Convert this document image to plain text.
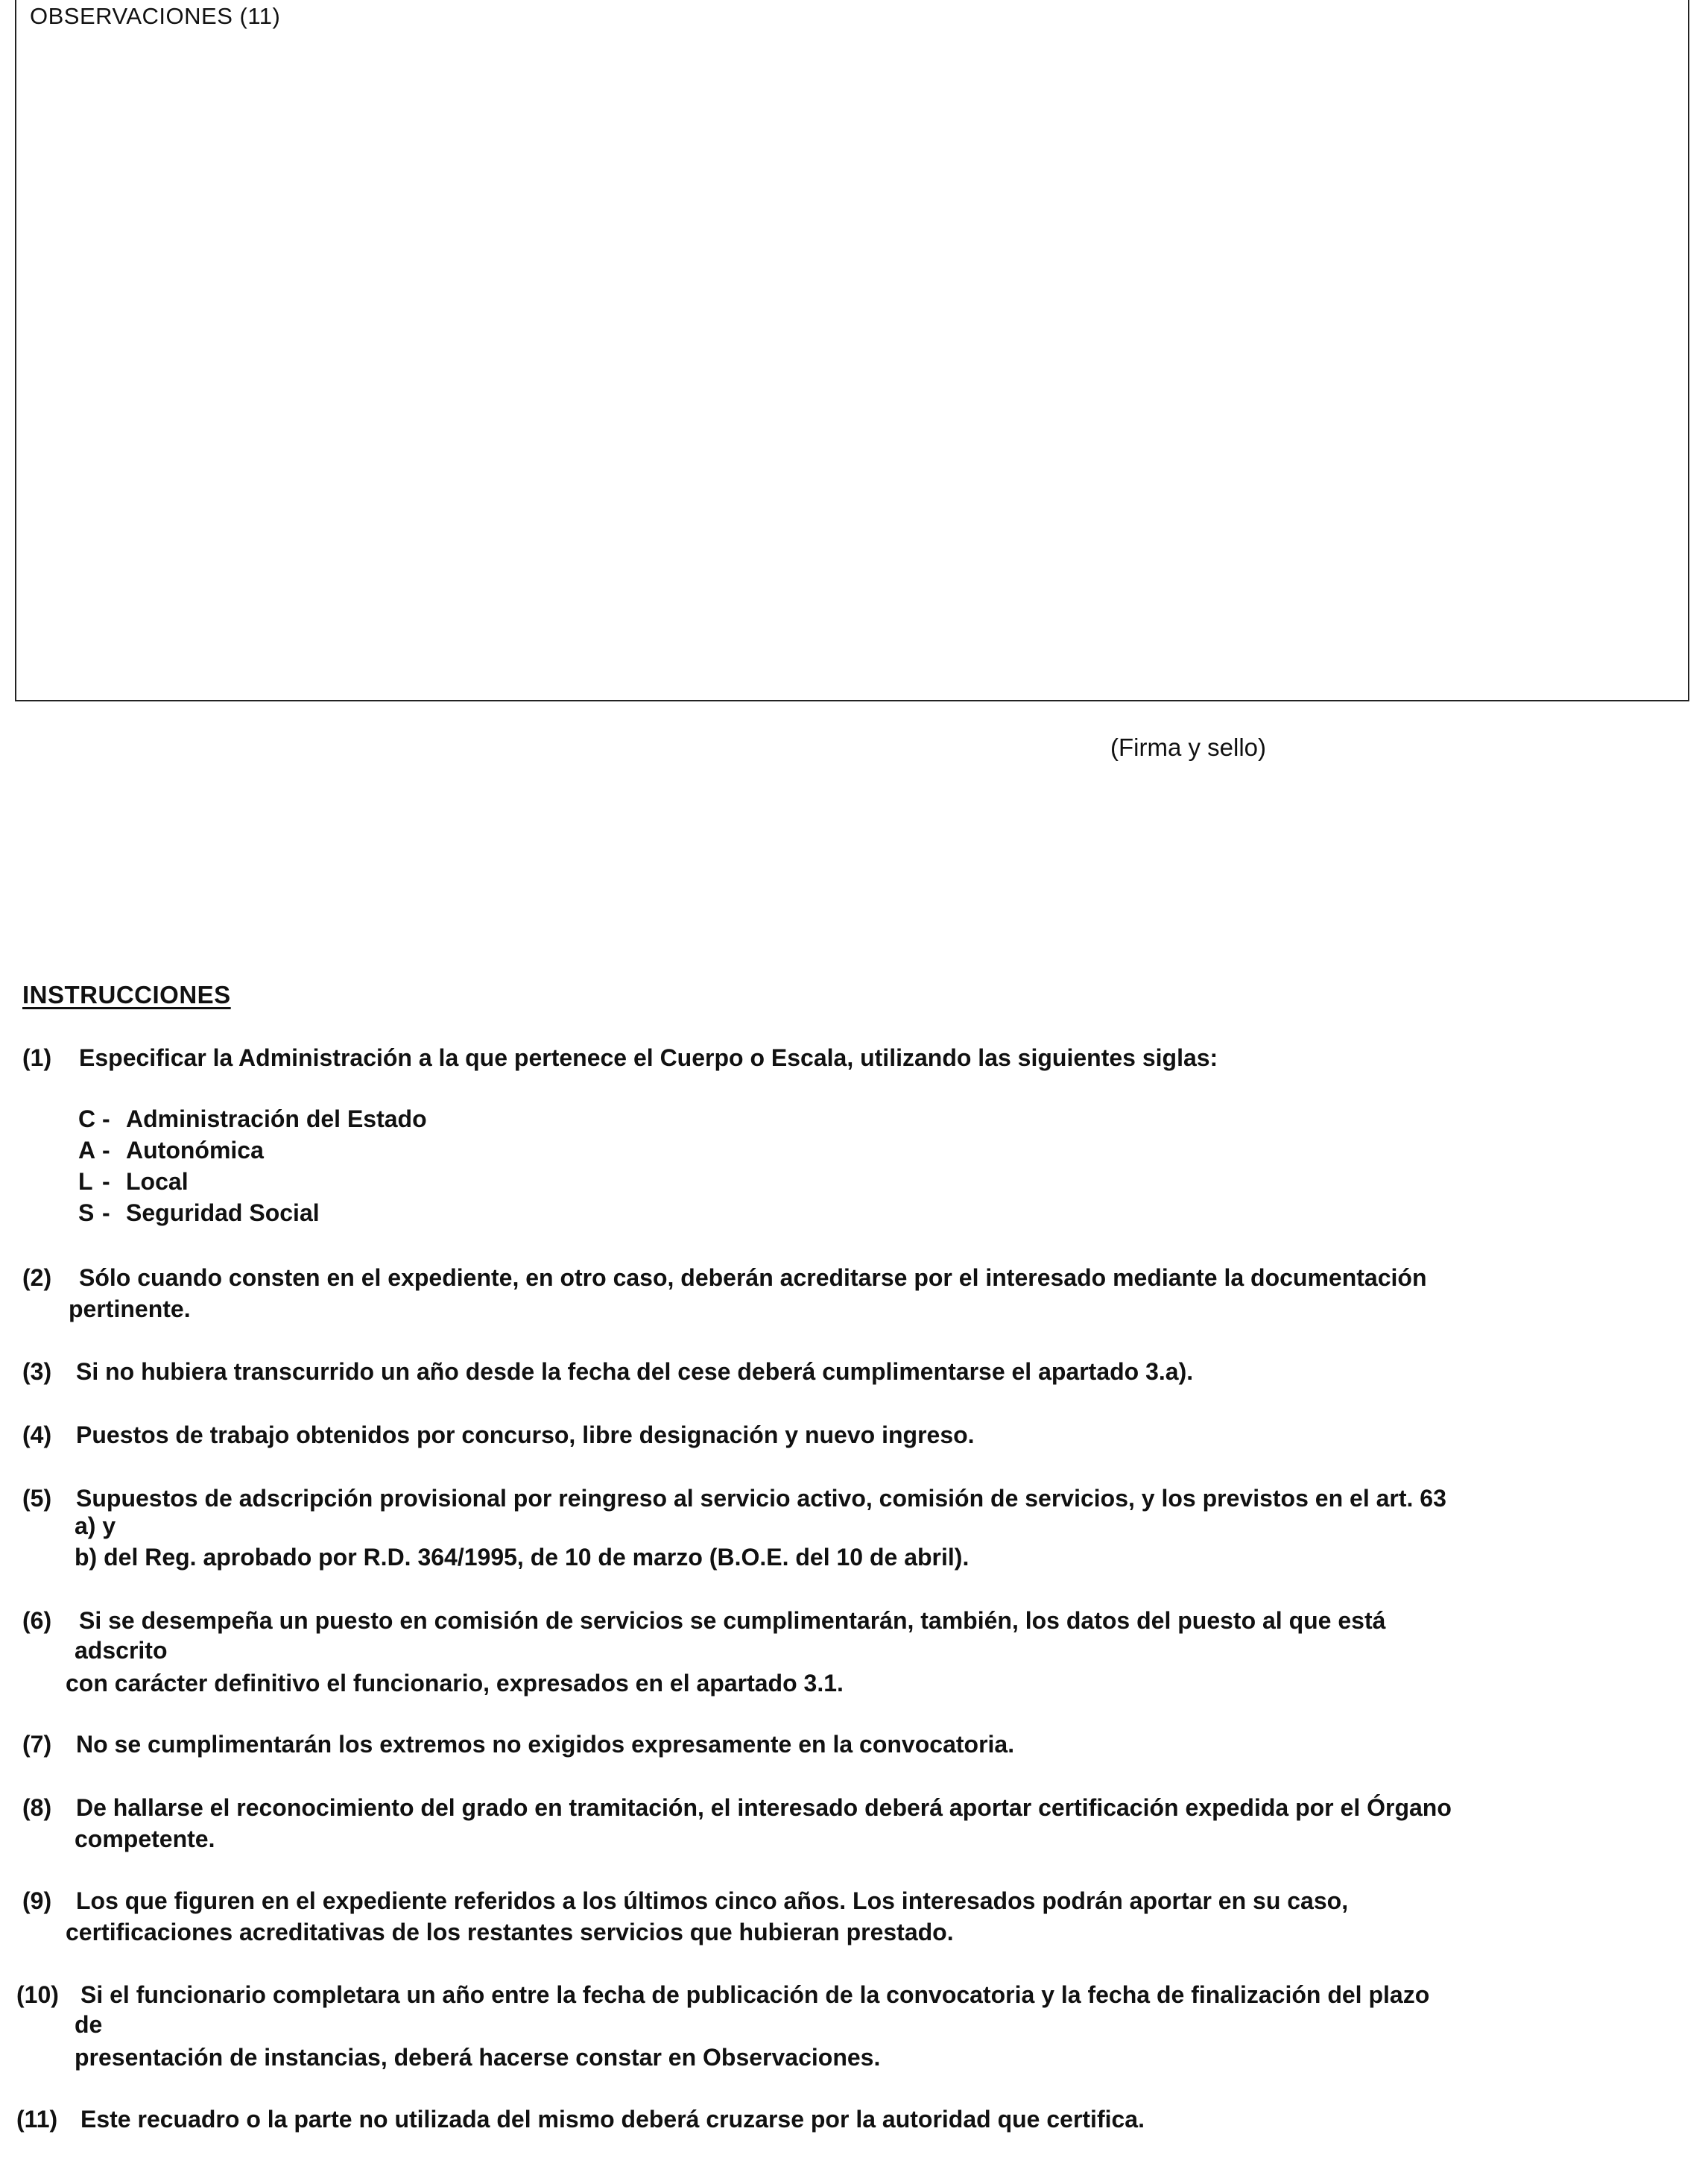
OBSERVACIONES (11)
(Firma y sello)
INSTRUCCIONES
(1) Especificar la Administración a la que pertenece el Cuerpo o Escala, utilizando las siguientes siglas:
C - Administración del Estado
A - Autonómica
L - Local
S - Seguridad Social
(2) Sólo cuando consten en el expediente, en otro caso, deberán acreditarse por el interesado mediante la documentación
pertinente.
(3) Si no hubiera transcurrido un año desde la fecha del cese deberá cumplimentarse el apartado 3.a).
(4) Puestos de trabajo obtenidos por concurso, libre designación y nuevo ingreso.
(5) Supuestos de adscripción provisional por reingreso al servicio activo, comisión de servicios, y los previstos en el art. 63
a) y
b) del Reg. aprobado por R.D. 364/1995, de 10 de marzo (B.O.E. del 10 de abril).
(6) Si se desempeña un puesto en comisión de servicios se cumplimentarán, también, los datos del puesto al que está
adscrito
con carácter definitivo el funcionario, expresados en el apartado 3.1.
(7) No se cumplimentarán los extremos no exigidos expresamente en la convocatoria.
(8) De hallarse el reconocimiento del grado en tramitación, el interesado deberá aportar certificación expedida por el Órgano
competente.
(9) Los que figuren en el expediente referidos a los últimos cinco años. Los interesados podrán aportar en su caso,
certificaciones acreditativas de los restantes servicios que hubieran prestado.
(10) Si el funcionario completara un año entre la fecha de publicación de la convocatoria y la fecha de finalización del plazo
de
presentación de instancias, deberá hacerse constar en Observaciones.
(11) Este recuadro o la parte no utilizada del mismo deberá cruzarse por la autoridad que certifica.
